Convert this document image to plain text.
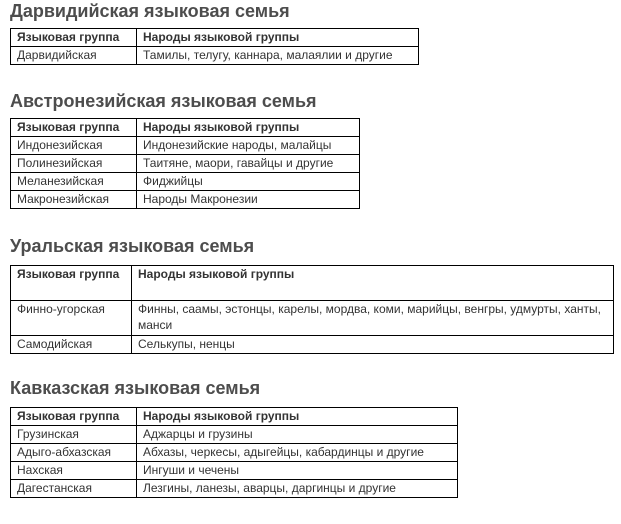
Дарвидийская языковая семья
Языковая группа	Народы языковой группы
Дарвидийская	Тамилы, телугу, каннара, малаялии и другие
Австронезийская языковая семья
Языковая группа	Народы языковой группы
Индонезийская	Индонезийские народы, малайцы
Полинезийская	Таитяне, маори, гавайцы и другие
Меланезийская	Фиджийцы
Макронезийская	Народы Макронезии
Уральская языковая семья
Языковая группа	Народы языковой группы
Финно-угорская	Финны, саамы, эстонцы, карелы, мордва, коми, марийцы, венгры, удмурты, ханты, манси
Самодийская	Селькупы, ненцы
Кавказская языковая семья
Языковая группа	Народы языковой группы
Грузинская	Аджарцы и грузины
Адыго-абхазская	Абхазы, черкесы, адыгейцы, кабардинцы и другие
Нахская	Ингуши и чечены
Дагестанская	Лезгины, ланезы, аварцы, даргинцы и другие
